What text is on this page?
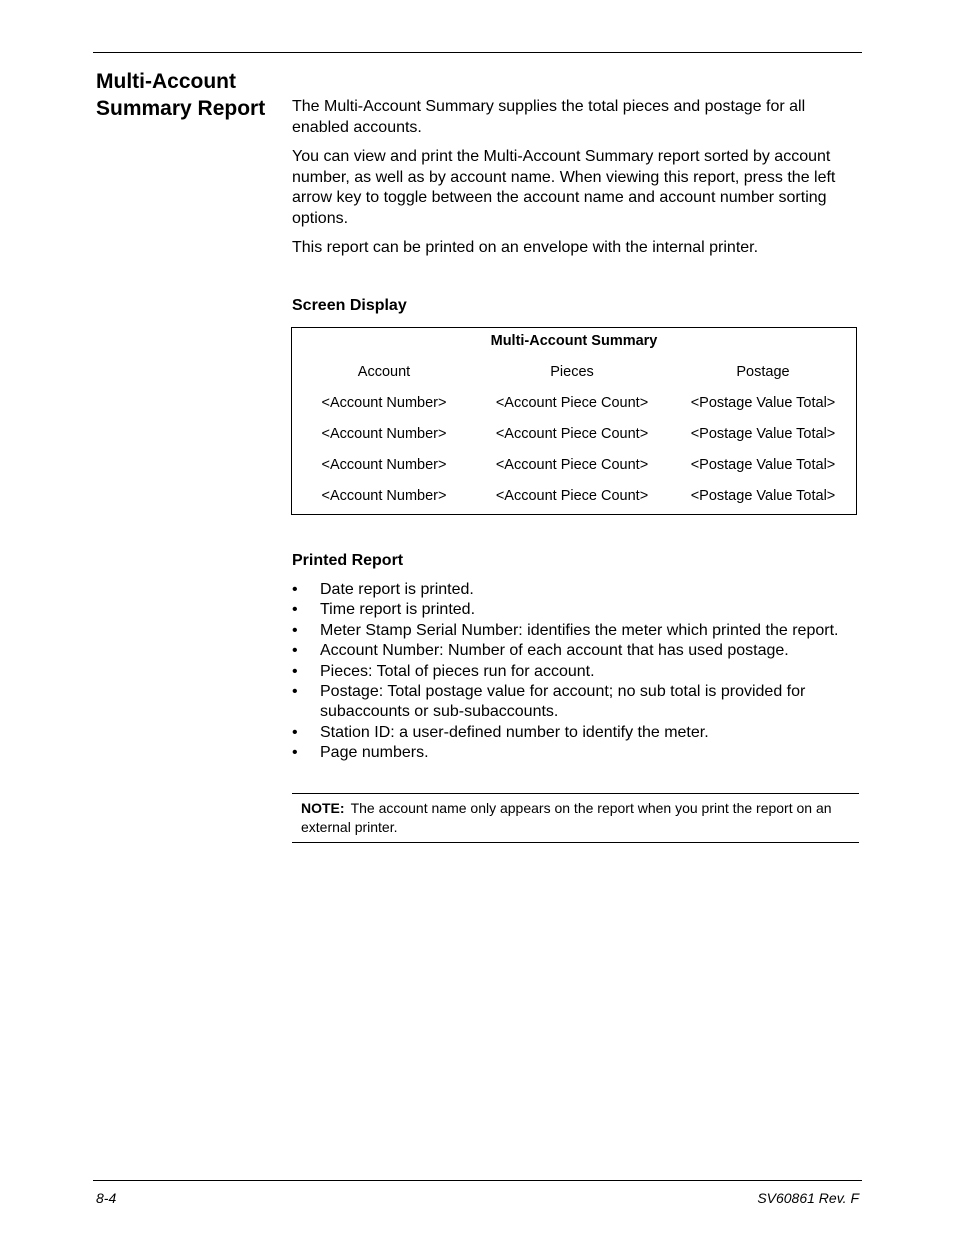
Multi-Account Summary Report	The Multi-Account Summary supplies the total pieces and postage for all enabled accounts.

You can view and print the Multi-Account Summary report sorted by account number, as well as by account name. When viewing this report, press the left arrow key to toggle between the account name and account number sorting options.

This report can be printed on an envelope with the internal printer.

Screen Display
Multi-Account Summary
Account	Pieces	Postage
<Account Number>	<Account Piece Count>	<Postage Value Total>
<Account Number>	<Account Piece Count>	<Postage Value Total>
<Account Number>	<Account Piece Count>	<Postage Value Total>
<Account Number>	<Account Piece Count>	<Postage Value Total>
Printed Report
• Date report is printed.
• Time report is printed.
• Meter Stamp Serial Number: identifies the meter which printed the report.
• Account Number: Number of each account that has used postage.
• Pieces: Total of pieces run for account.
• Postage: Total postage value for account; no sub total is provided for subaccounts or sub-subaccounts.
• Station ID: a user-defined number to identify the meter.
• Page numbers.
NOTE: The account name only appears on the report when you print the report on an external printer.
8-4	SV60861 Rev. F
